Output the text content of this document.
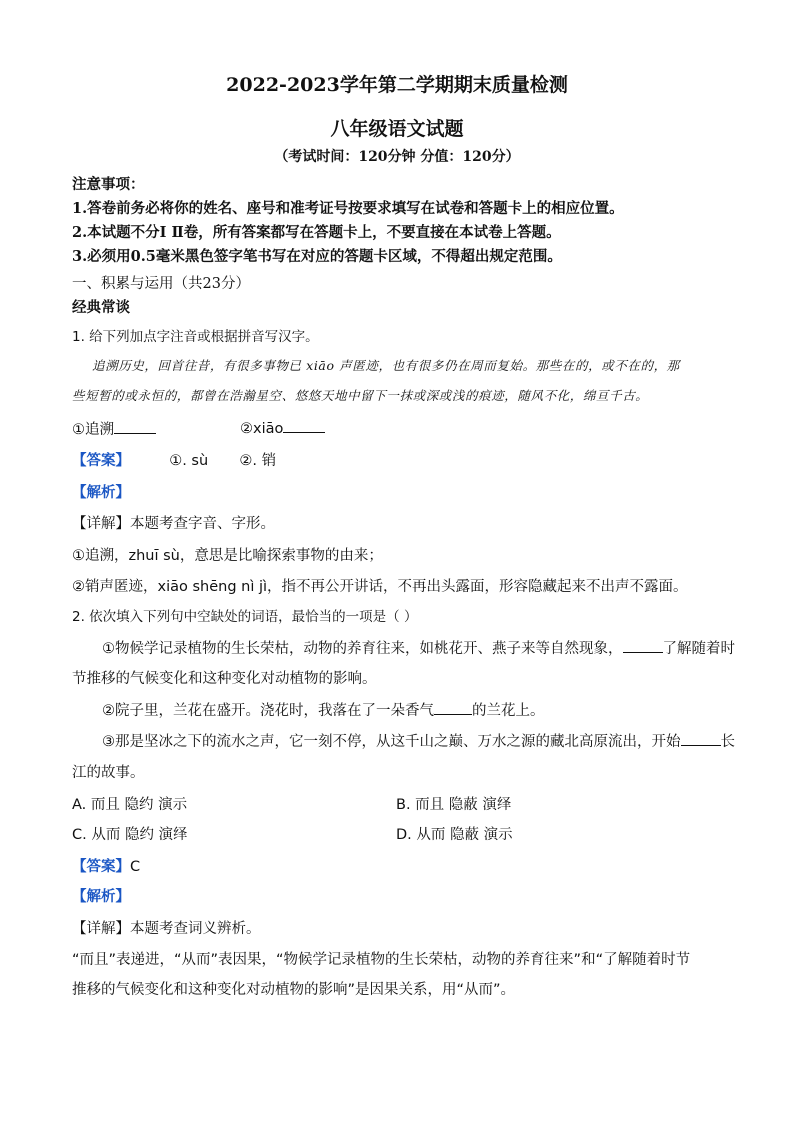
2022-2023学年第二学期期末质量检测
八年级语文试题
（考试时间：120分钟 分值：120分）
注意事项：
1.答卷前务必将你的姓名、座号和准考证号按要求填写在试卷和答题卡上的相应位置。
2.本试题不分Ⅰ Ⅱ卷，所有答案都写在答题卡上，不要直接在本试卷上答题。
3.必须用0.5毫米黑色签字笔书写在对应的答题卡区域，不得超出规定范围。
一、积累与运用（共23分）
经典常谈
1. 给下列加点字注音或根据拼音写汉字。
追溯历史，回首往昔，有很多事物已 xiāo 声匿迹，也有很多仍在周而复始。那些在的，或不在的，那
些短暂的或永恒的，都曾在浩瀚星空、悠悠天地中留下一抹或深或浅的痕迹，随风不化，绵亘千古。
①追溯	②xiāo
【答案】	①. sù ②. 销
【解析】
【详解】本题考查字音、字形。
①追溯，zhuī sù，意思是比喻探索事物的由来；
②销声匿迹，xiāo shēng nì jì，指不再公开讲话，不再出头露面，形容隐藏起来不出声不露面。
2. 依次填入下列句中空缺处的词语，最恰当的一项是（ ）
①物候学记录植物的生长荣枯，动物的养育往来，如桃花开、燕子来等自然现象，	了解随着时
节推移的气候变化和这种变化对动植物的影响。
②院子里，兰花在盛开。浇花时，我落在了一朵香气	的兰花上。
③那是坚冰之下的流水之声，它一刻不停，从这千山之巅、万水之源的藏北高原流出，开始	长
江的故事。
A. 而且 隐约 演示	B. 而且 隐蔽 演绎
C. 从而 隐约 演绎	D. 从而 隐蔽 演示
【答案】C
【解析】
【详解】本题考查词义辨析。
“而且”表递进，“从而”表因果，“物候学记录植物的生长荣枯，动物的养育往来”和“了解随着时节
推移的气候变化和这种变化对动植物的影响”是因果关系，用“从而”。
